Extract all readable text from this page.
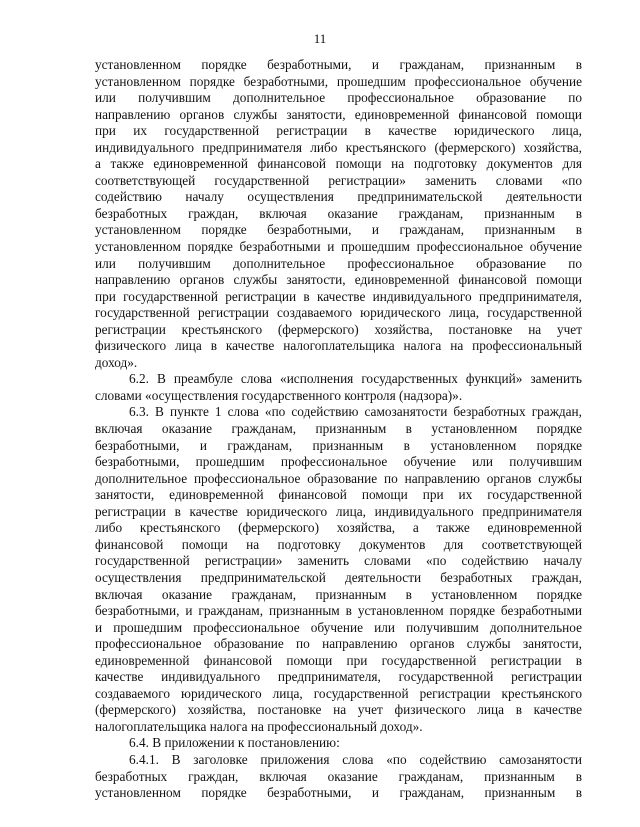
11

установленном порядке безработными, и гражданам, признанным в
установленном порядке безработными, прошедшим профессиональное обучение
или получившим дополнительное профессиональное образование по
направлению органов службы занятости, единовременной финансовой помощи
при их государственной регистрации в качестве юридического лица,
индивидуального предпринимателя либо крестьянского (фермерского) хозяйства,
а также единовременной финансовой помощи на подготовку документов для
соответствующей государственной регистрации» заменить словами «по
содействию началу осуществления предпринимательской деятельности
безработных граждан, включая оказание гражданам, признанным в
установленном порядке безработными, и гражданам, признанным в
установленном порядке безработными и прошедшим профессиональное обучение
или получившим дополнительное профессиональное образование по
направлению органов службы занятости, единовременной финансовой помощи
при государственной регистрации в качестве индивидуального предпринимателя,
государственной регистрации создаваемого юридического лица, государственной
регистрации крестьянского (фермерского) хозяйства, постановке на учет
физического лица в качестве налогоплательщика налога на профессиональный
доход».

6.2. В преамбуле слова «исполнения государственных функций» заменить
словами «осуществления государственного контроля (надзора)».

6.3. В пункте 1 слова «по содействию самозанятости безработных граждан,
включая оказание гражданам, признанным в установленном порядке
безработными, и гражданам, признанным в установленном порядке
безработными, прошедшим профессиональное обучение или получившим
дополнительное профессиональное образование по направлению органов службы
занятости, единовременной финансовой помощи при их государственной
регистрации в качестве юридического лица, индивидуального предпринимателя
либо крестьянского (фермерского) хозяйства, а также единовременной
финансовой помощи на подготовку документов для соответствующей
государственной регистрации» заменить словами «по содействию началу
осуществления предпринимательской деятельности безработных граждан,
включая оказание гражданам, признанным в установленном порядке
безработными, и гражданам, признанным в установленном порядке безработными
и прошедшим профессиональное обучение или получившим дополнительное
профессиональное образование по направлению органов службы занятости,
единовременной финансовой помощи при государственной регистрации в
качестве индивидуального предпринимателя, государственной регистрации
создаваемого юридического лица, государственной регистрации крестьянского
(фермерского) хозяйства, постановке на учет физического лица в качестве
налогоплательщика налога на профессиональный доход».

6.4. В приложении к постановлению:

6.4.1. В заголовке приложения слова «по содействию самозанятости
безработных граждан, включая оказание гражданам, признанным в
установленном порядке безработными, и гражданам, признанным в
